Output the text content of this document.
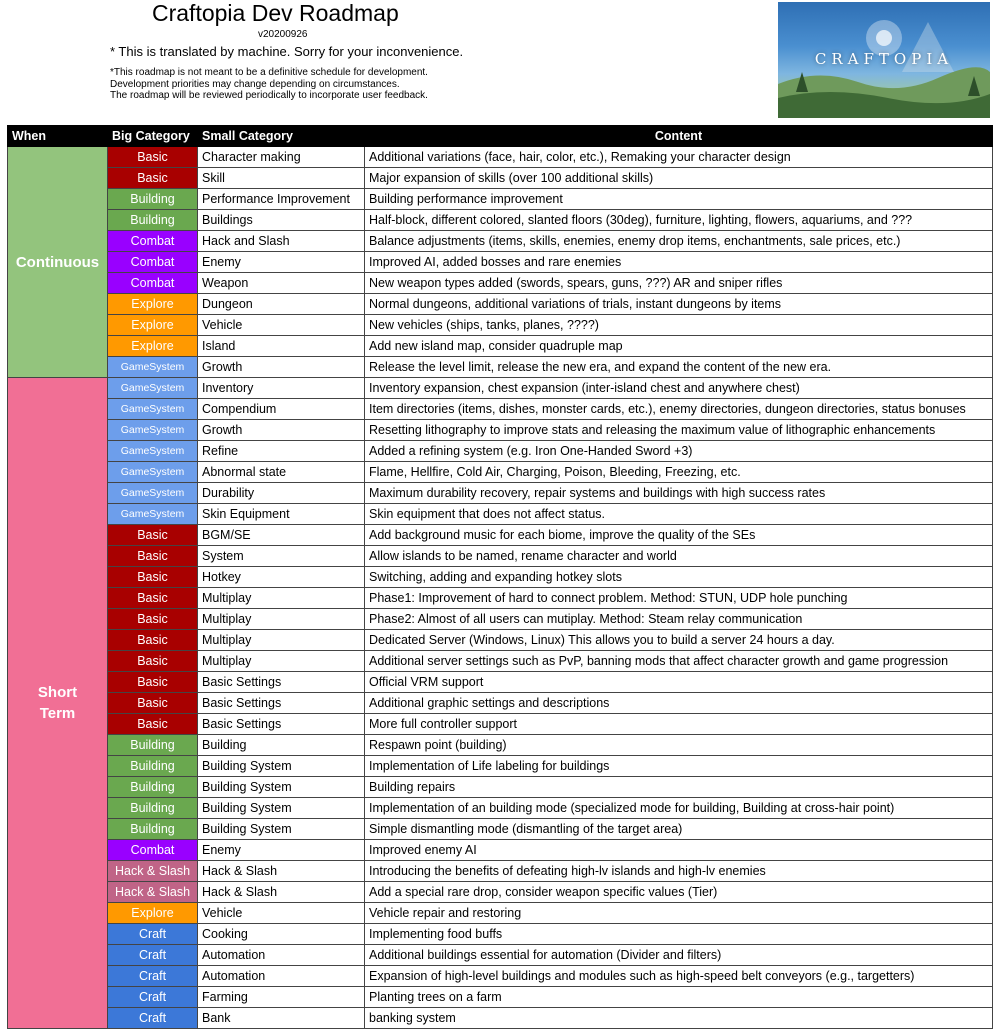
Craftopia Dev Roadmap
v20200926
* This is translated by machine. Sorry for your inconvenience.
*This roadmap is not meant to be a definitive schedule for development.
Development priorities may change depending on circumstances.
The roadmap will be reviewed periodically to incorporate user feedback.
CRAFTOPIA
When	Big Category	Small Category	Content
Continuous	Basic	Character making	Additional variations (face, hair, color, etc.), Remaking your character design
	Basic	Skill	Major expansion of skills (over 100 additional skills)
	Building	Performance Improvement	Building performance improvement
	Building	Buildings	Half-block, different colored, slanted floors (30deg), furniture, lighting, flowers, aquariums, and ???
	Combat	Hack and Slash	Balance adjustments (items, skills, enemies, enemy drop items, enchantments, sale prices, etc.)
	Combat	Enemy	Improved AI, added bosses and rare enemies
	Combat	Weapon	New weapon types added (swords, spears, guns, ???) AR and sniper rifles
	Explore	Dungeon	Normal dungeons, additional variations of trials, instant dungeons by items
	Explore	Vehicle	New vehicles (ships, tanks, planes, ????)
	Explore	Island	Add new island map, consider quadruple map
	GameSystem	Growth	Release the level limit, release the new era, and expand the content of the new era.
Short Term	GameSystem	Inventory	Inventory expansion, chest expansion (inter-island chest and anywhere chest)
	GameSystem	Compendium	Item directories (items, dishes, monster cards, etc.), enemy directories, dungeon directories, status bonuses
	GameSystem	Growth	Resetting lithography to improve stats and releasing the maximum value of lithographic enhancements
	GameSystem	Refine	Added a refining system (e.g. Iron One-Handed Sword +3)
	GameSystem	Abnormal state	Flame, Hellfire, Cold Air, Charging, Poison, Bleeding, Freezing, etc.
	GameSystem	Durability	Maximum durability recovery, repair systems and buildings with high success rates
	GameSystem	Skin Equipment	Skin equipment that does not affect status.
	Basic	BGM/SE	Add background music for each biome, improve the quality of the SEs
	Basic	System	Allow islands to be named, rename character and world
	Basic	Hotkey	Switching, adding and expanding hotkey slots
	Basic	Multiplay	Phase1: Improvement of hard to connect problem. Method: STUN, UDP hole punching
	Basic	Multiplay	Phase2: Almost of all users can mutiplay. Method: Steam relay communication
	Basic	Multiplay	Dedicated Server (Windows, Linux) This allows you to build a server 24 hours a day.
	Basic	Multiplay	Additional server settings such as PvP, banning mods that affect character growth and game progression
	Basic	Basic Settings	Official VRM support
	Basic	Basic Settings	Additional graphic settings and descriptions
	Basic	Basic Settings	More full controller support
	Building	Building	Respawn point (building)
	Building	Building System	Implementation of Life labeling for buildings
	Building	Building System	Building repairs
	Building	Building System	Implementation of an building mode (specialized mode for building, Building at cross-hair point)
	Building	Building System	Simple dismantling mode (dismantling of the target area)
	Combat	Enemy	Improved enemy AI
	Hack & Slash	Hack & Slash	Introducing the benefits of defeating high-lv islands and high-lv enemies
	Hack & Slash	Hack & Slash	Add a special rare drop, consider weapon specific values (Tier)
	Explore	Vehicle	Vehicle repair and restoring
	Craft	Cooking	Implementing food buffs
	Craft	Automation	Additional buildings essential for automation (Divider and filters)
	Craft	Automation	Expansion of high-level buildings and modules such as high-speed belt conveyors (e.g., targetters)
	Craft	Farming	Planting trees on a farm
	Craft	Bank	banking system
